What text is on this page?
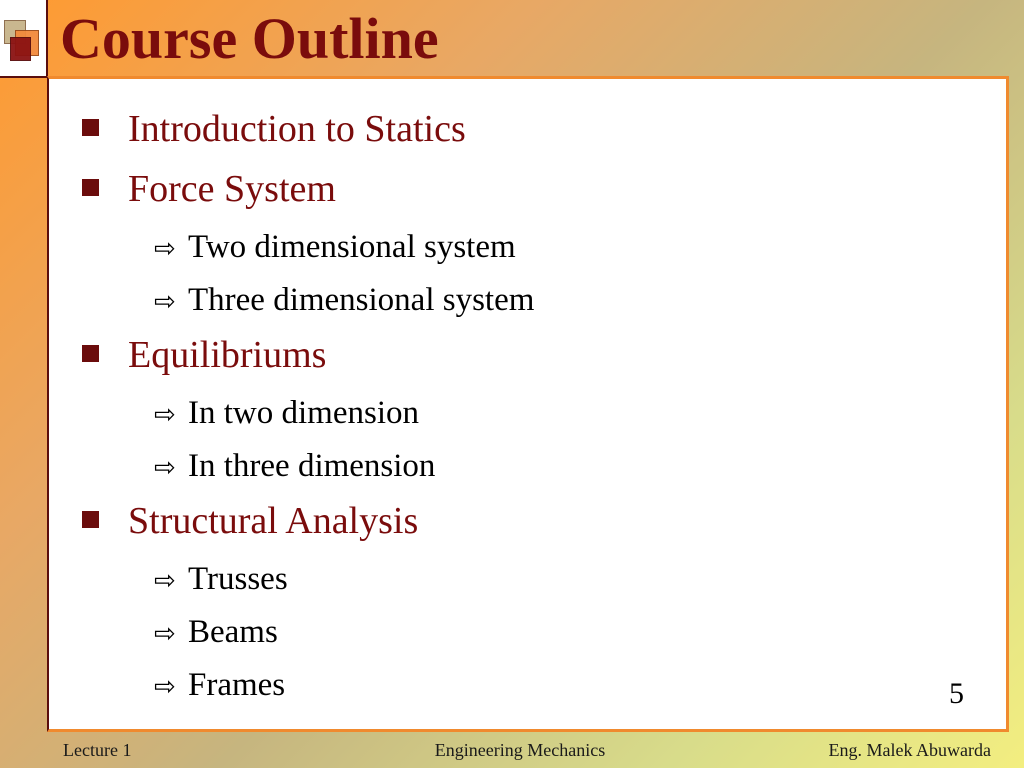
Course Outline
Introduction to Statics
Force System
⇨ Two dimensional system
⇨ Three dimensional system
Equilibriums
⇨ In two dimension
⇨ In three dimension
Structural Analysis
⇨ Trusses
⇨ Beams
⇨ Frames	5
Lecture 1	Engineering Mechanics	Eng. Malek Abuwarda
